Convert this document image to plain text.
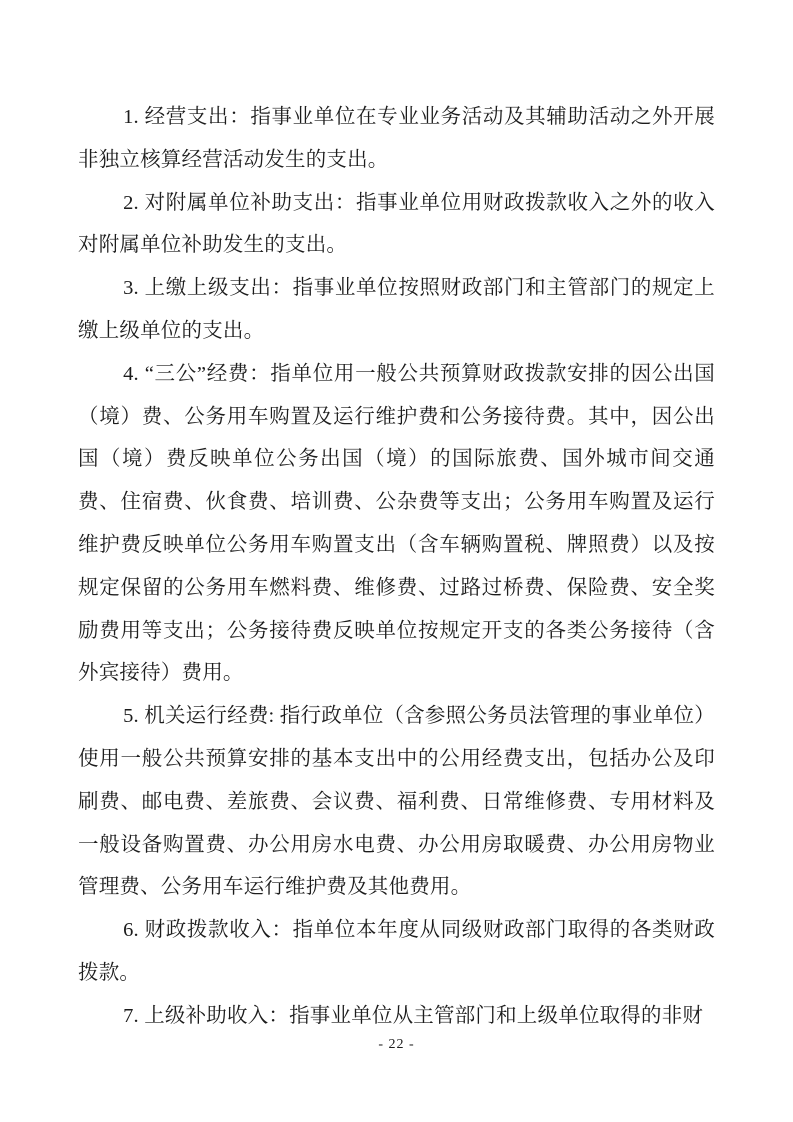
1. 经营支出：指事业单位在专业业务活动及其辅助活动之外开展非独立核算经营活动发生的支出。

2. 对附属单位补助支出：指事业单位用财政拨款收入之外的收入对附属单位补助发生的支出。

3. 上缴上级支出：指事业单位按照财政部门和主管部门的规定上缴上级单位的支出。

4. “三公”经费：指单位用一般公共预算财政拨款安排的因公出国（境）费、公务用车购置及运行维护费和公务接待费。其中，因公出国（境）费反映单位公务出国（境）的国际旅费、国外城市间交通费、住宿费、伙食费、培训费、公杂费等支出；公务用车购置及运行维护费反映单位公务用车购置支出（含车辆购置税、牌照费）以及按规定保留的公务用车燃料费、维修费、过路过桥费、保险费、安全奖励费用等支出；公务接待费反映单位按规定开支的各类公务接待（含外宾接待）费用。

5. 机关运行经费: 指行政单位（含参照公务员法管理的事业单位）使用一般公共预算安排的基本支出中的公用经费支出，包括办公及印刷费、邮电费、差旅费、会议费、福利费、日常维修费、专用材料及一般设备购置费、办公用房水电费、办公用房取暖费、办公用房物业管理费、公务用车运行维护费及其他费用。

6. 财政拨款收入：指单位本年度从同级财政部门取得的各类财政拨款。

7. 上级补助收入：指事业单位从主管部门和上级单位取得的非财

- 22 -
